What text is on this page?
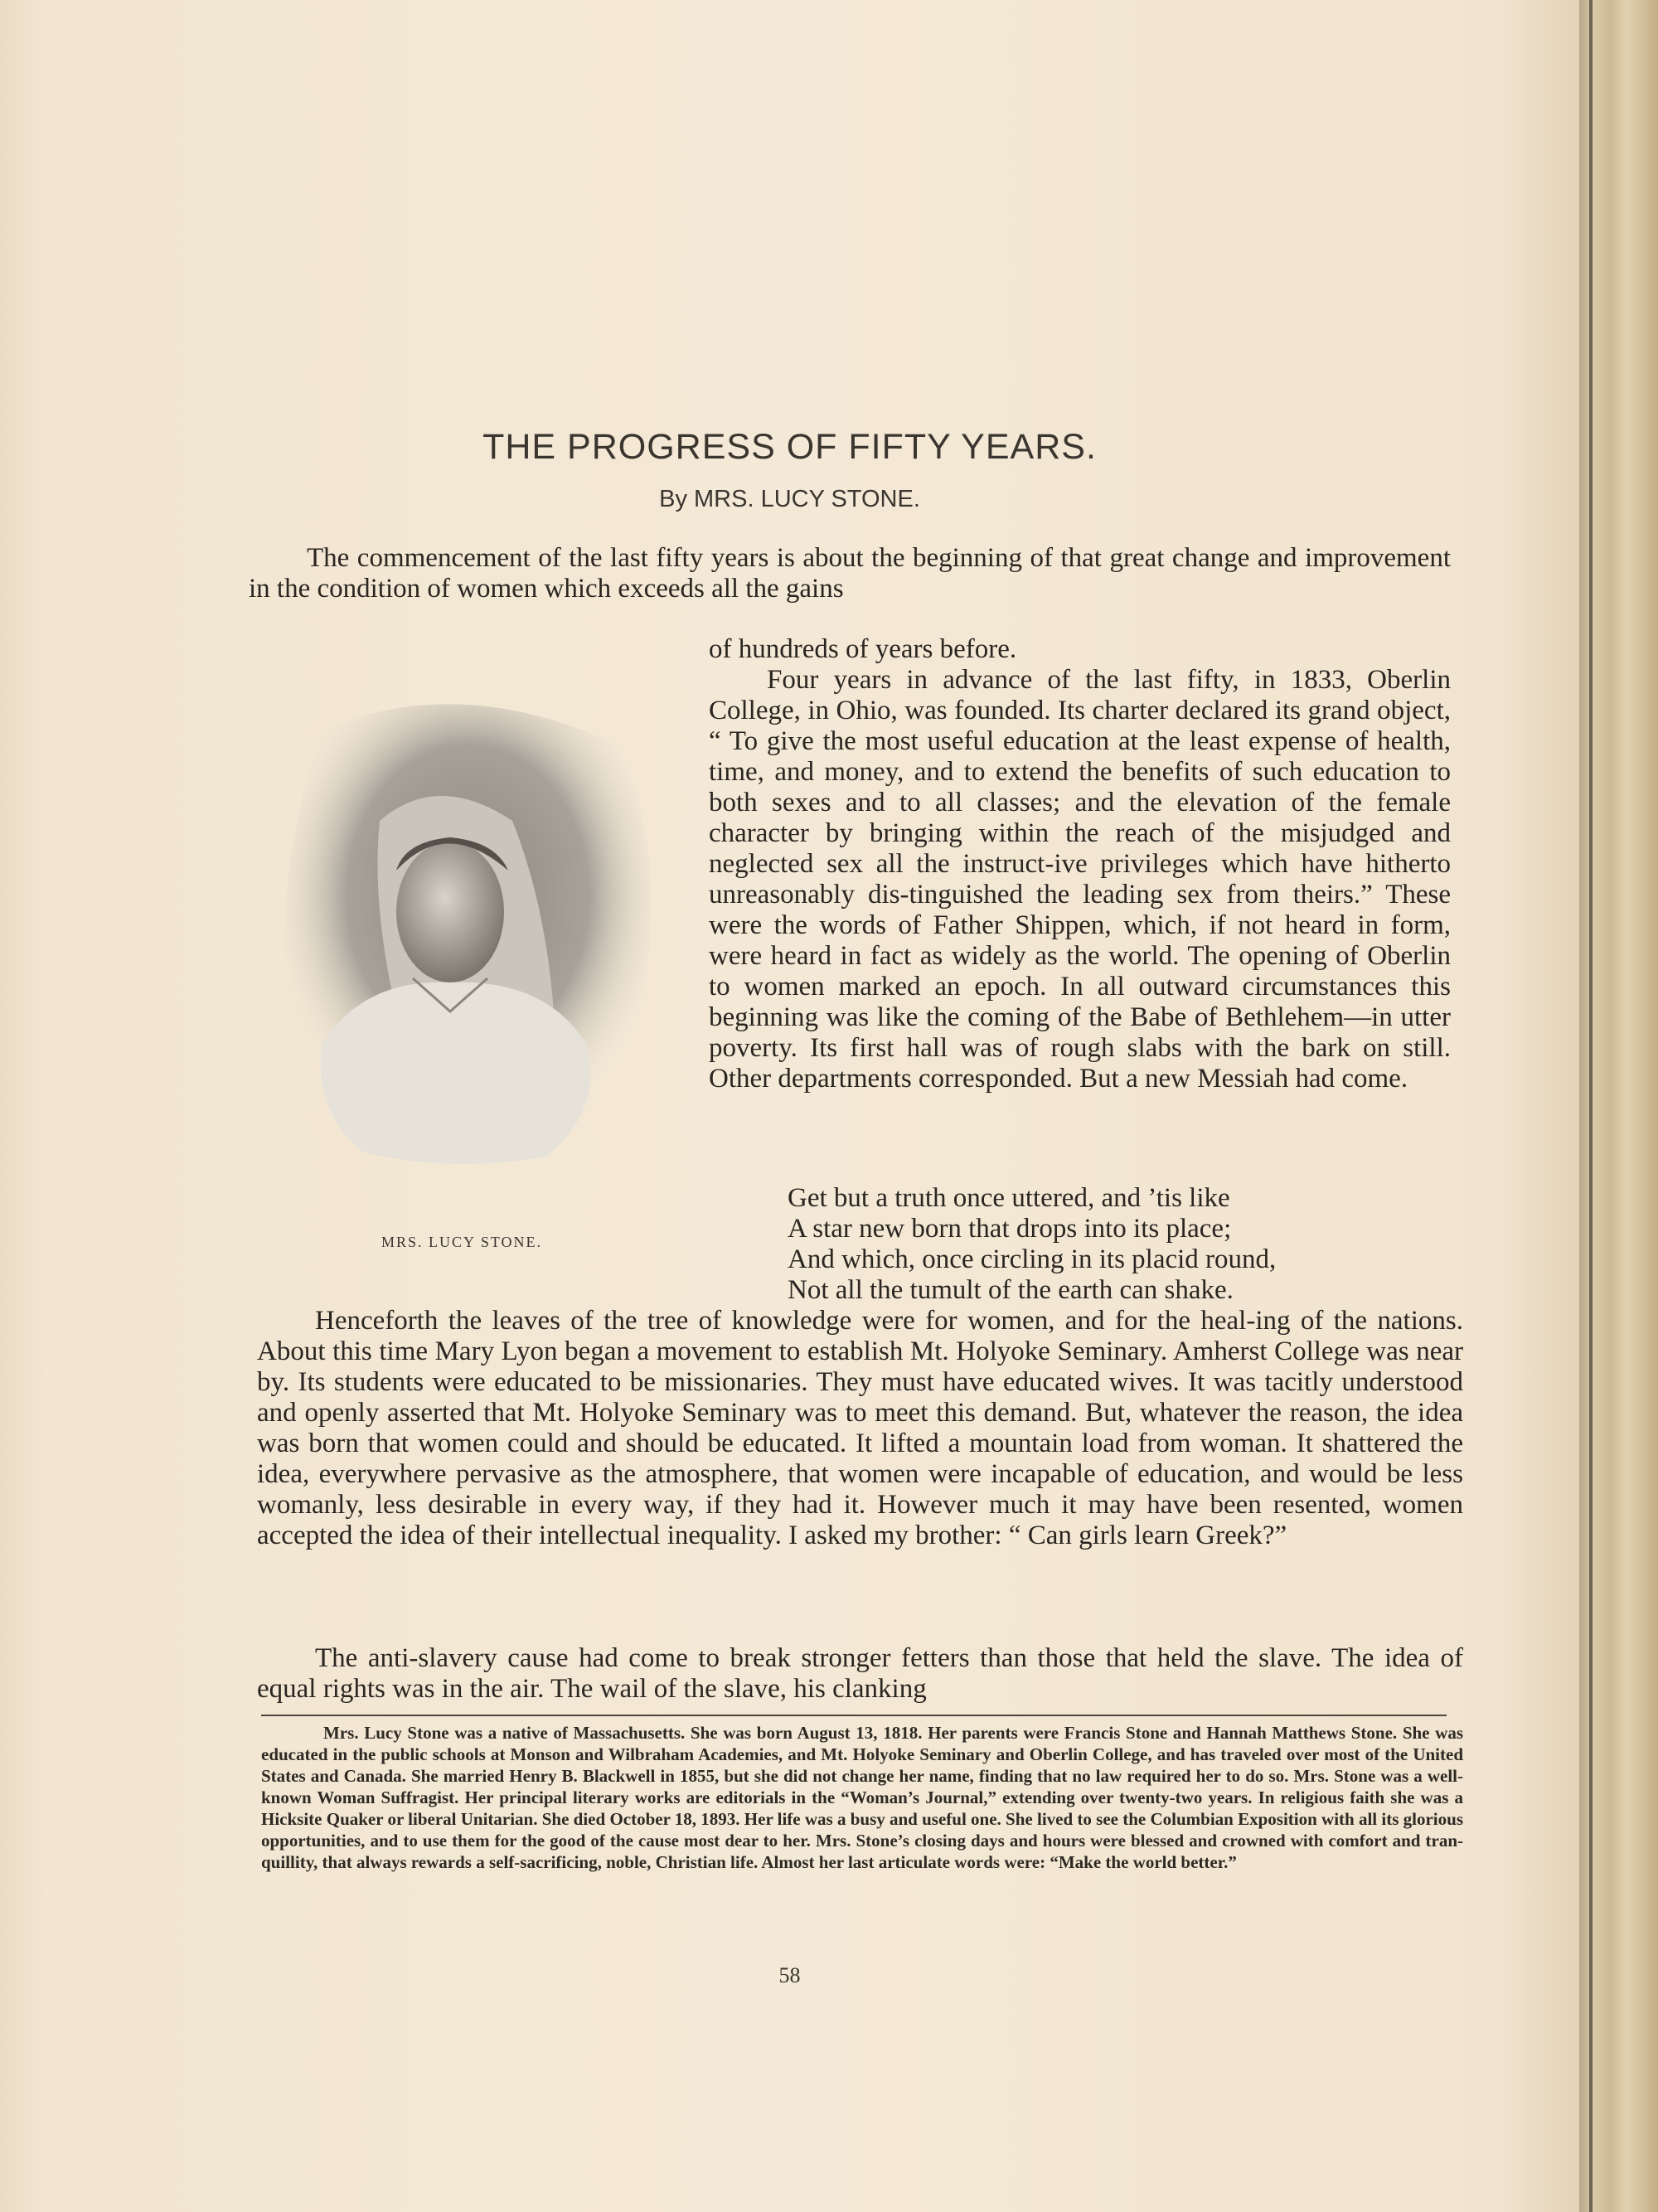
THE PROGRESS OF FIFTY YEARS.
By MRS. LUCY STONE.

The commencement of the last fifty years is about the beginning of that great change and improvement in the condition of women which exceeds all the gains

of hundreds of years before.
Four years in advance of the last fifty, in 1833, Oberlin College, in Ohio, was founded. Its charter declared its grand object, “ To give the most useful education at the least expense of health, time, and money, and to extend the benefits of such education to both sexes and to all classes; and the elevation of the female character by bringing within the reach of the misjudged and neglected sex all the instruct-ive privileges which have hitherto unreasonably dis-tinguished the leading sex from theirs.” These were the words of Father Shippen, which, if not heard in form, were heard in fact as widely as the world. The opening of Oberlin to women marked an epoch. In all outward circumstances this beginning was like the coming of the Babe of Bethlehem—in utter poverty. Its first hall was of rough slabs with the bark on still. Other departments corresponded. But a new Messiah had come.
MRS. LUCY STONE.
Get but a truth once uttered, and ’tis like
A star new born that drops into its place;
And which, once circling in its placid round,
Not all the tumult of the earth can shake.

Henceforth the leaves of the tree of knowledge were for women, and for the heal-ing of the nations. About this time Mary Lyon began a movement to establish Mt. Holyoke Seminary. Amherst College was near by. Its students were educated to be missionaries. They must have educated wives. It was tacitly understood and openly asserted that Mt. Holyoke Seminary was to meet this demand. But, whatever the reason, the idea was born that women could and should be educated. It lifted a mountain load from woman. It shattered the idea, everywhere pervasive as the atmosphere, that women were incapable of education, and would be less womanly, less desirable in every way, if they had it. However much it may have been resented, women accepted the idea of their intellectual inequality. I asked my brother: “ Can girls learn Greek?”

The anti-slavery cause had come to break stronger fetters than those that held the slave. The idea of equal rights was in the air. The wail of the slave, his clanking

Mrs. Lucy Stone was a native of Massachusetts. She was born August 13, 1818. Her parents were Francis Stone and Hannah Matthews Stone. She was educated in the public schools at Monson and Wilbraham Academies, and Mt. Holyoke Seminary and Oberlin College, and has traveled over most of the United States and Canada. She married Henry B. Blackwell in 1855, but she did not change her name, finding that no law required her to do so. Mrs. Stone was a well-known Woman Suffragist. Her principal literary works are editorials in the “Woman’s Journal,” extending over twenty-two years. In religious faith she was a Hicksite Quaker or liberal Unitarian. She died October 18, 1893. Her life was a busy and useful one. She lived to see the Columbian Exposition with all its glorious opportunities, and to use them for the good of the cause most dear to her. Mrs. Stone’s closing days and hours were blessed and crowned with comfort and tran-quillity, that always rewards a self-sacrificing, noble, Christian life. Almost her last articulate words were: “Make the world better.”

58
